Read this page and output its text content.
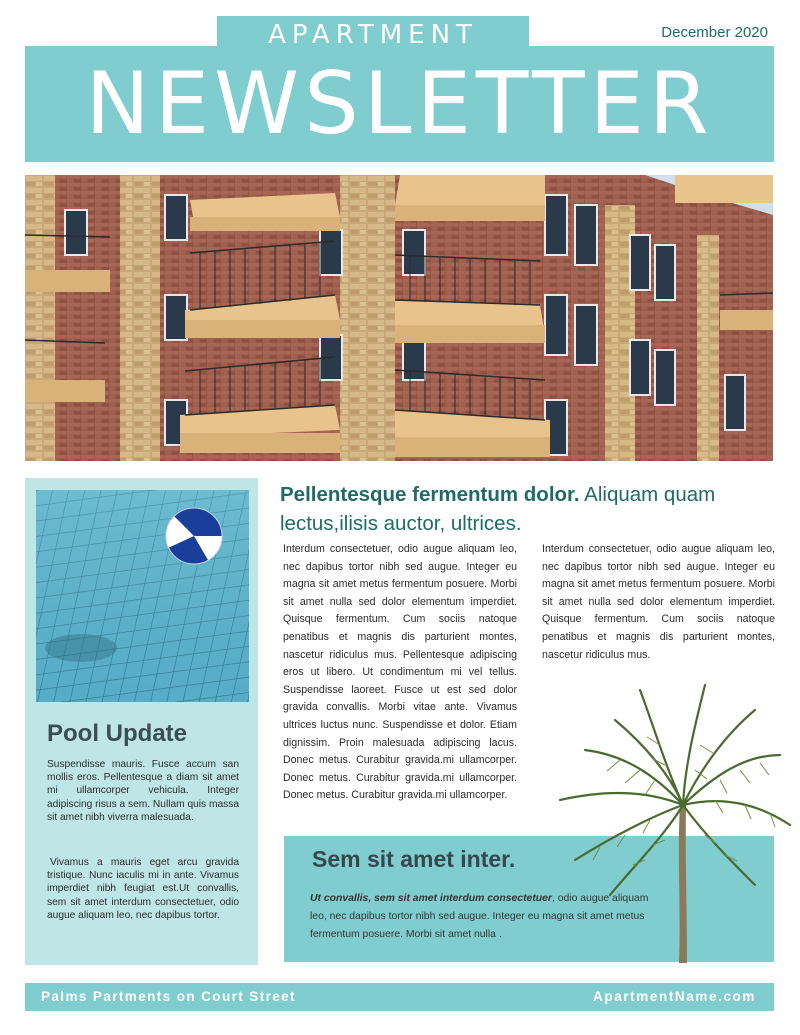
APARTMENT
NEWSLETTER
December 2020
Pool Update
Suspendisse mauris. Fusce accum san mollis eros. Pellentesque a diam sit amet mi ullamcorper vehicula. Integer adipiscing risus a sem. Nullam quis massa sit amet nibh viverra malesuada.
Vivamus a mauris eget arcu gravida tristique. Nunc iaculis mi in ante. Vivamus imperdiet nibh feugiat est.Ut convallis, sem sit amet interdum consectetuer, odio augue aliquam leo, nec dapibus tortor.
Pellentesque fermentum dolor. Aliquam quam lectus,ilisis auctor, ultrices.
Interdum consectetuer, odio augue aliquam leo, nec dapibus tortor nibh sed augue. Integer eu magna sit amet metus fermentum posuere. Morbi sit amet nulla sed dolor elementum imperdiet. Quisque fermentum. Cum sociis natoque penatibus et magnis dis parturient montes, nascetur ridiculus mus. Pellentesque adipiscing eros ut libero. Ut condimentum mi vel tellus. Suspendisse laoreet. Fusce ut est sed dolor gravida convallis. Morbi vitae ante. Vivamus ultrices luctus nunc. Suspendisse et dolor. Etiam dignissim. Proin malesuada adipiscing lacus. Donec metus. Curabitur gravida.mi ullamcorper. Donec metus. Curabitur gravida.mi ullamcorper. Donec metus. Curabitur gravida.mi ullamcorper.
Interdum consectetuer, odio augue aliquam leo, nec dapibus tortor nibh sed augue. Integer eu magna sit amet metus fermentum posuere. Morbi sit amet nulla sed dolor elementum imperdiet. Quisque fermentum. Cum sociis natoque penatibus et magnis dis parturient montes, nascetur ridiculus mus.
Sem sit amet inter.
Ut convallis, sem sit amet interdum consectetuer, odio augue aliquam leo, nec dapibus tortor nibh sed augue. Integer eu magna sit amet metus fermentum posuere. Morbi sit amet nulla .
Palms Partments on Court Street	ApartmentName.com
